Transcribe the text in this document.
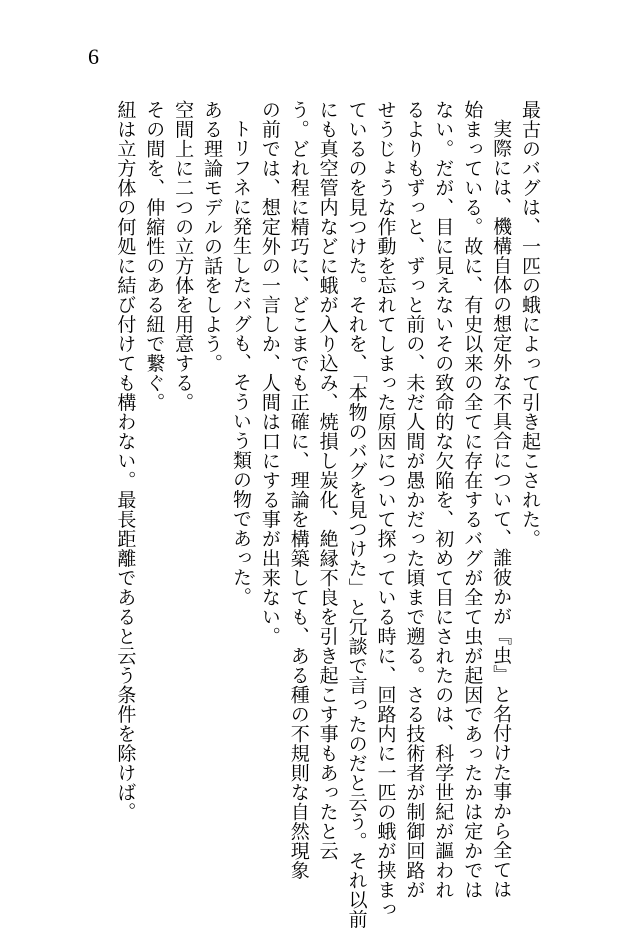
6

最古のバグは、一匹の蛾によって引き起こされた。

実際には、機構自体の想定外な不具合について、誰彼かが『虫』と名付けた事から全ては

始まっている。故に、有史以来の全てに存在するバグが全て虫が起因であったかは定かでは
ない。だが、目に見えないその致命的な欠陥を、初めて目にされたのは、科学世紀が謳われ
るよりもずっと、ずっと前の、未だ人間が愚かだった頃まで遡る。さる技術者が制御回路が
せうじょうな作動を忘れてしまった原因について探っている時に、回路内に一匹の蛾が挟まっ
ているのを見つけた。それを、「本物のバグを見つけた」と冗談で言ったのだと云う。それ以前
にも真空管内などに蛾が入り込み、焼損し炭化、絶縁不良を引き起こす事もあったと云
う。どれ程に精巧に、どこまでも正確に、理論を構築しても、ある種の不規則な自然現象
の前では、想定外の一言しか、人間は口にする事が出来ない。

トリフネに発生したバグも、そういう類の物であった。

ある理論モデルの話をしよう。

空間上に二つの立方体を用意する。

その間を、伸縮性のある紐で繋ぐ。

紐は立方体の何処に結び付けても構わない。最長距離であると云う条件を除けば。
